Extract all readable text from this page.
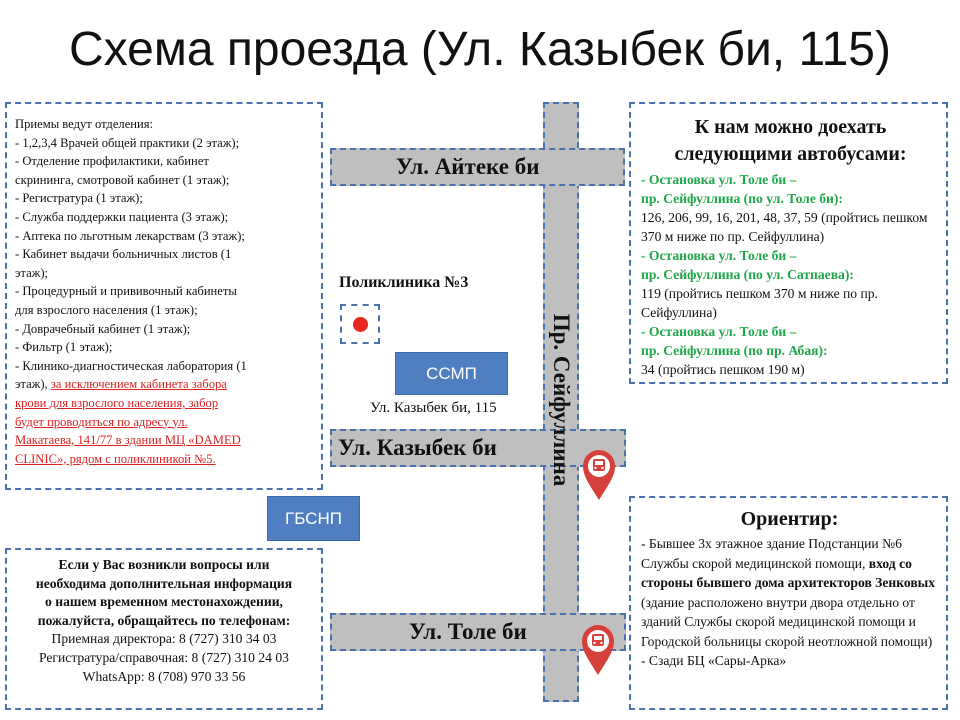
Схема проезда (Ул. Казыбек би, 115)
Ул. Айтеке би
Ул. Казыбек би
Ул. Толе би
Пр. Сейфуллина
Поликлиника №3
ССМП
Ул. Казыбек би, 115
ГБСНП
Приемы ведут отделения:
- 1,2,3,4 Врачей общей практики (2 этаж);
- Отделение профилактики, кабинет
скрининга, смотровой кабинет (1 этаж);
- Регистратура (1 этаж);
- Служба поддержки пациента (3 этаж);
- Аптека по льготным лекарствам (3 этаж);
- Кабинет выдачи больничных листов (1
этаж);
- Процедурный и прививочный кабинеты
для взрослого населения (1 этаж);
- Доврачебный кабинет (1 этаж);
- Фильтр (1 этаж);
- Клинико-диагностическая лаборатория (1
этаж), за исключением кабинета забора
крови для взрослого населения, забор
будет проводиться по адресу ул.
Макатаева, 141/77 в здании МЦ «DAMED
CLINIC», рядом с поликлиникой №5.
К нам можно доехать следующими автобусами:
- Остановка ул. Толе би –
пр. Сейфуллина (по ул. Толе би):
126, 206, 99, 16, 201, 48, 37, 59 (пройтись пешком 370 м ниже по пр. Сейфуллина)
- Остановка ул. Толе би –
пр. Сейфуллина (по ул. Сатпаева):
119 (пройтись пешком 370 м ниже по пр. Сейфуллина)
- Остановка ул. Толе би –
пр. Сейфуллина (по пр. Абая):
34 (пройтись пешком 190 м)
Если у Вас возникли вопросы или необходима дополнительная информация о нашем временном местонахождении, пожалуйста, обращайтесь по телефонам:
Приемная директора: 8 (727) 310 34 03
Регистратура/справочная: 8 (727) 310 24 03
WhatsApp: 8 (708) 970 33 56
Ориентир:
- Бывшее 3х этажное здание Подстанции №6 Службы скорой медицинской помощи, вход со стороны бывшего дома архитекторов Зенковых (здание расположено внутри двора отдельно от зданий Службы скорой медицинской помощи и Городской больницы скорой неотложной помощи)
- Сзади БЦ «Сары-Арка»
